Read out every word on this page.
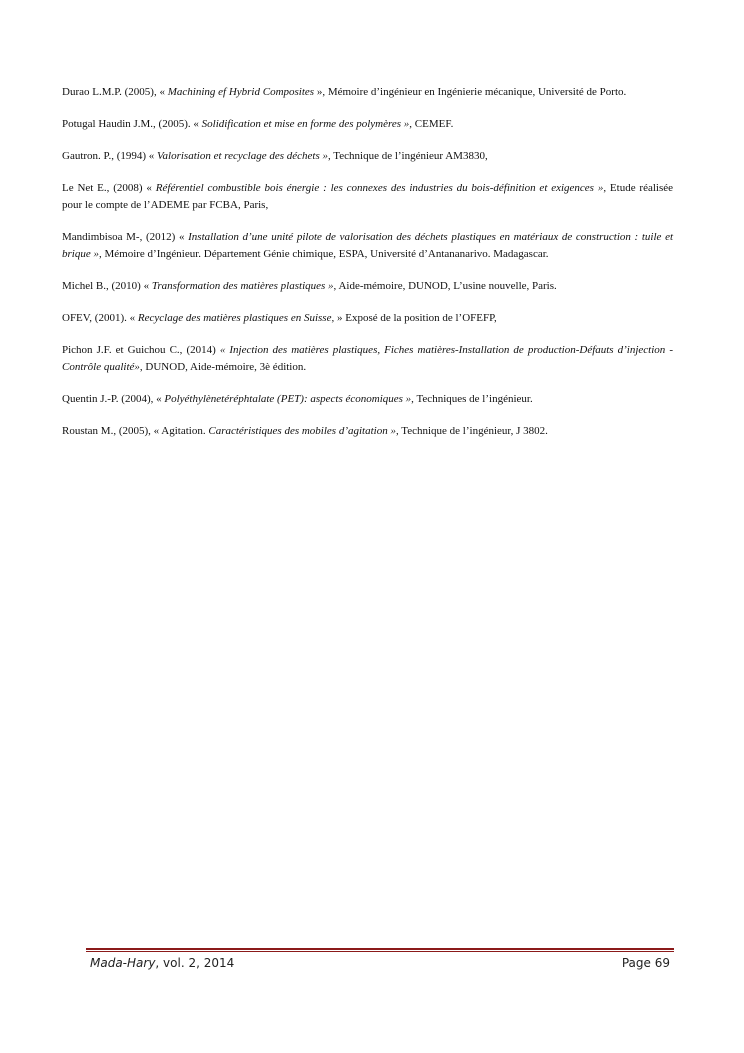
Durao L.M.P. (2005), « Machining ef Hybrid Composites », Mémoire d’ingénieur en Ingénierie mécanique, Université de Porto.

Potugal Haudin J.M., (2005). « Solidification et mise en forme des polymères », CEMEF.

Gautron. P., (1994) « Valorisation et recyclage des déchets », Technique de l’ingénieur AM3830,

Le Net E., (2008) « Référentiel combustible bois énergie : les connexes des industries du bois-définition et exigences », Etude réalisée pour le compte de l’ADEME par FCBA, Paris,

Mandimbisoa M-, (2012) « Installation d’une unité pilote de valorisation des déchets plastiques en matériaux de construction : tuile et brique », Mémoire d’Ingénieur. Département Génie chimique, ESPA, Université d’Antananarivo. Madagascar.

Michel B., (2010) « Transformation des matières plastiques », Aide-mémoire, DUNOD, L’usine nouvelle, Paris.

OFEV, (2001). « Recyclage des matières plastiques en Suisse, » Exposé de la position de l’OFEFP,

Pichon J.F. et Guichou C., (2014) « Injection des matières plastiques, Fiches matières-Installation de production-Défauts d’injection - Contrôle qualité», DUNOD, Aide-mémoire, 3è édition.

Quentin J.-P. (2004), « Polyéthylènetéréphtalate (PET): aspects économiques », Techniques de l’ingénieur.

Roustan M., (2005), « Agitation. Caractéristiques des mobiles d’agitation », Technique de l’ingénieur, J 3802.

Mada-Hary, vol. 2, 2014	Page 69
